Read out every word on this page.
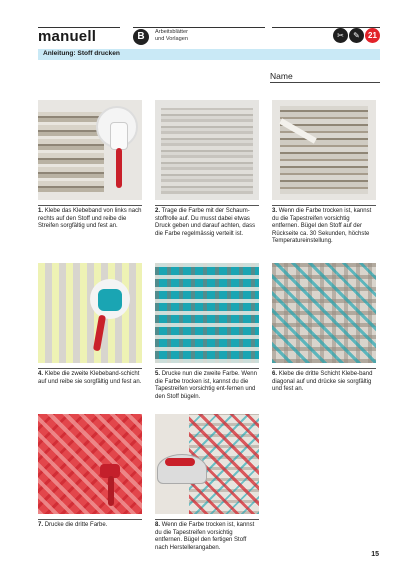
manuell	B	Arbeitsblätter
und Vorlagen	✂	✎	21
Anleitung: Stoff drucken
Name
1. Klebe das Klebeband von links nach rechts auf den Stoff und reibe die Streifen sorgfältig und fest an.
2. Trage die Farbe mit der Schaum-stoffrolle auf. Du musst dabei etwas Druck geben und darauf achten, dass die Farbe regelmässig verteilt ist.
3. Wenn die Farbe trocken ist, kannst du die Tapestreifen vorsichtig entfernen. Bügel den Stoff auf der Rückseite ca. 30 Sekunden, höchste Temperatureinstellung.
4. Klebe die zweite Klebeband-schicht auf und reibe sie sorgfältig und fest an.
5. Drucke nun die zweite Farbe. Wenn die Farbe trocken ist, kannst du die Tapestreifen vorsichtig ent-fernen und den Stoff bügeln.
6. Klebe die dritte Schicht Klebe-band diagonal auf und drücke sie sorgfältig und fest an.
7. Drucke die dritte Farbe.	8. Wenn die Farbe trocken ist, kannst du die Tapestreifen vorsichtig entfernen. Bügel den fertigen Stoff nach Herstellerangaben.
15
